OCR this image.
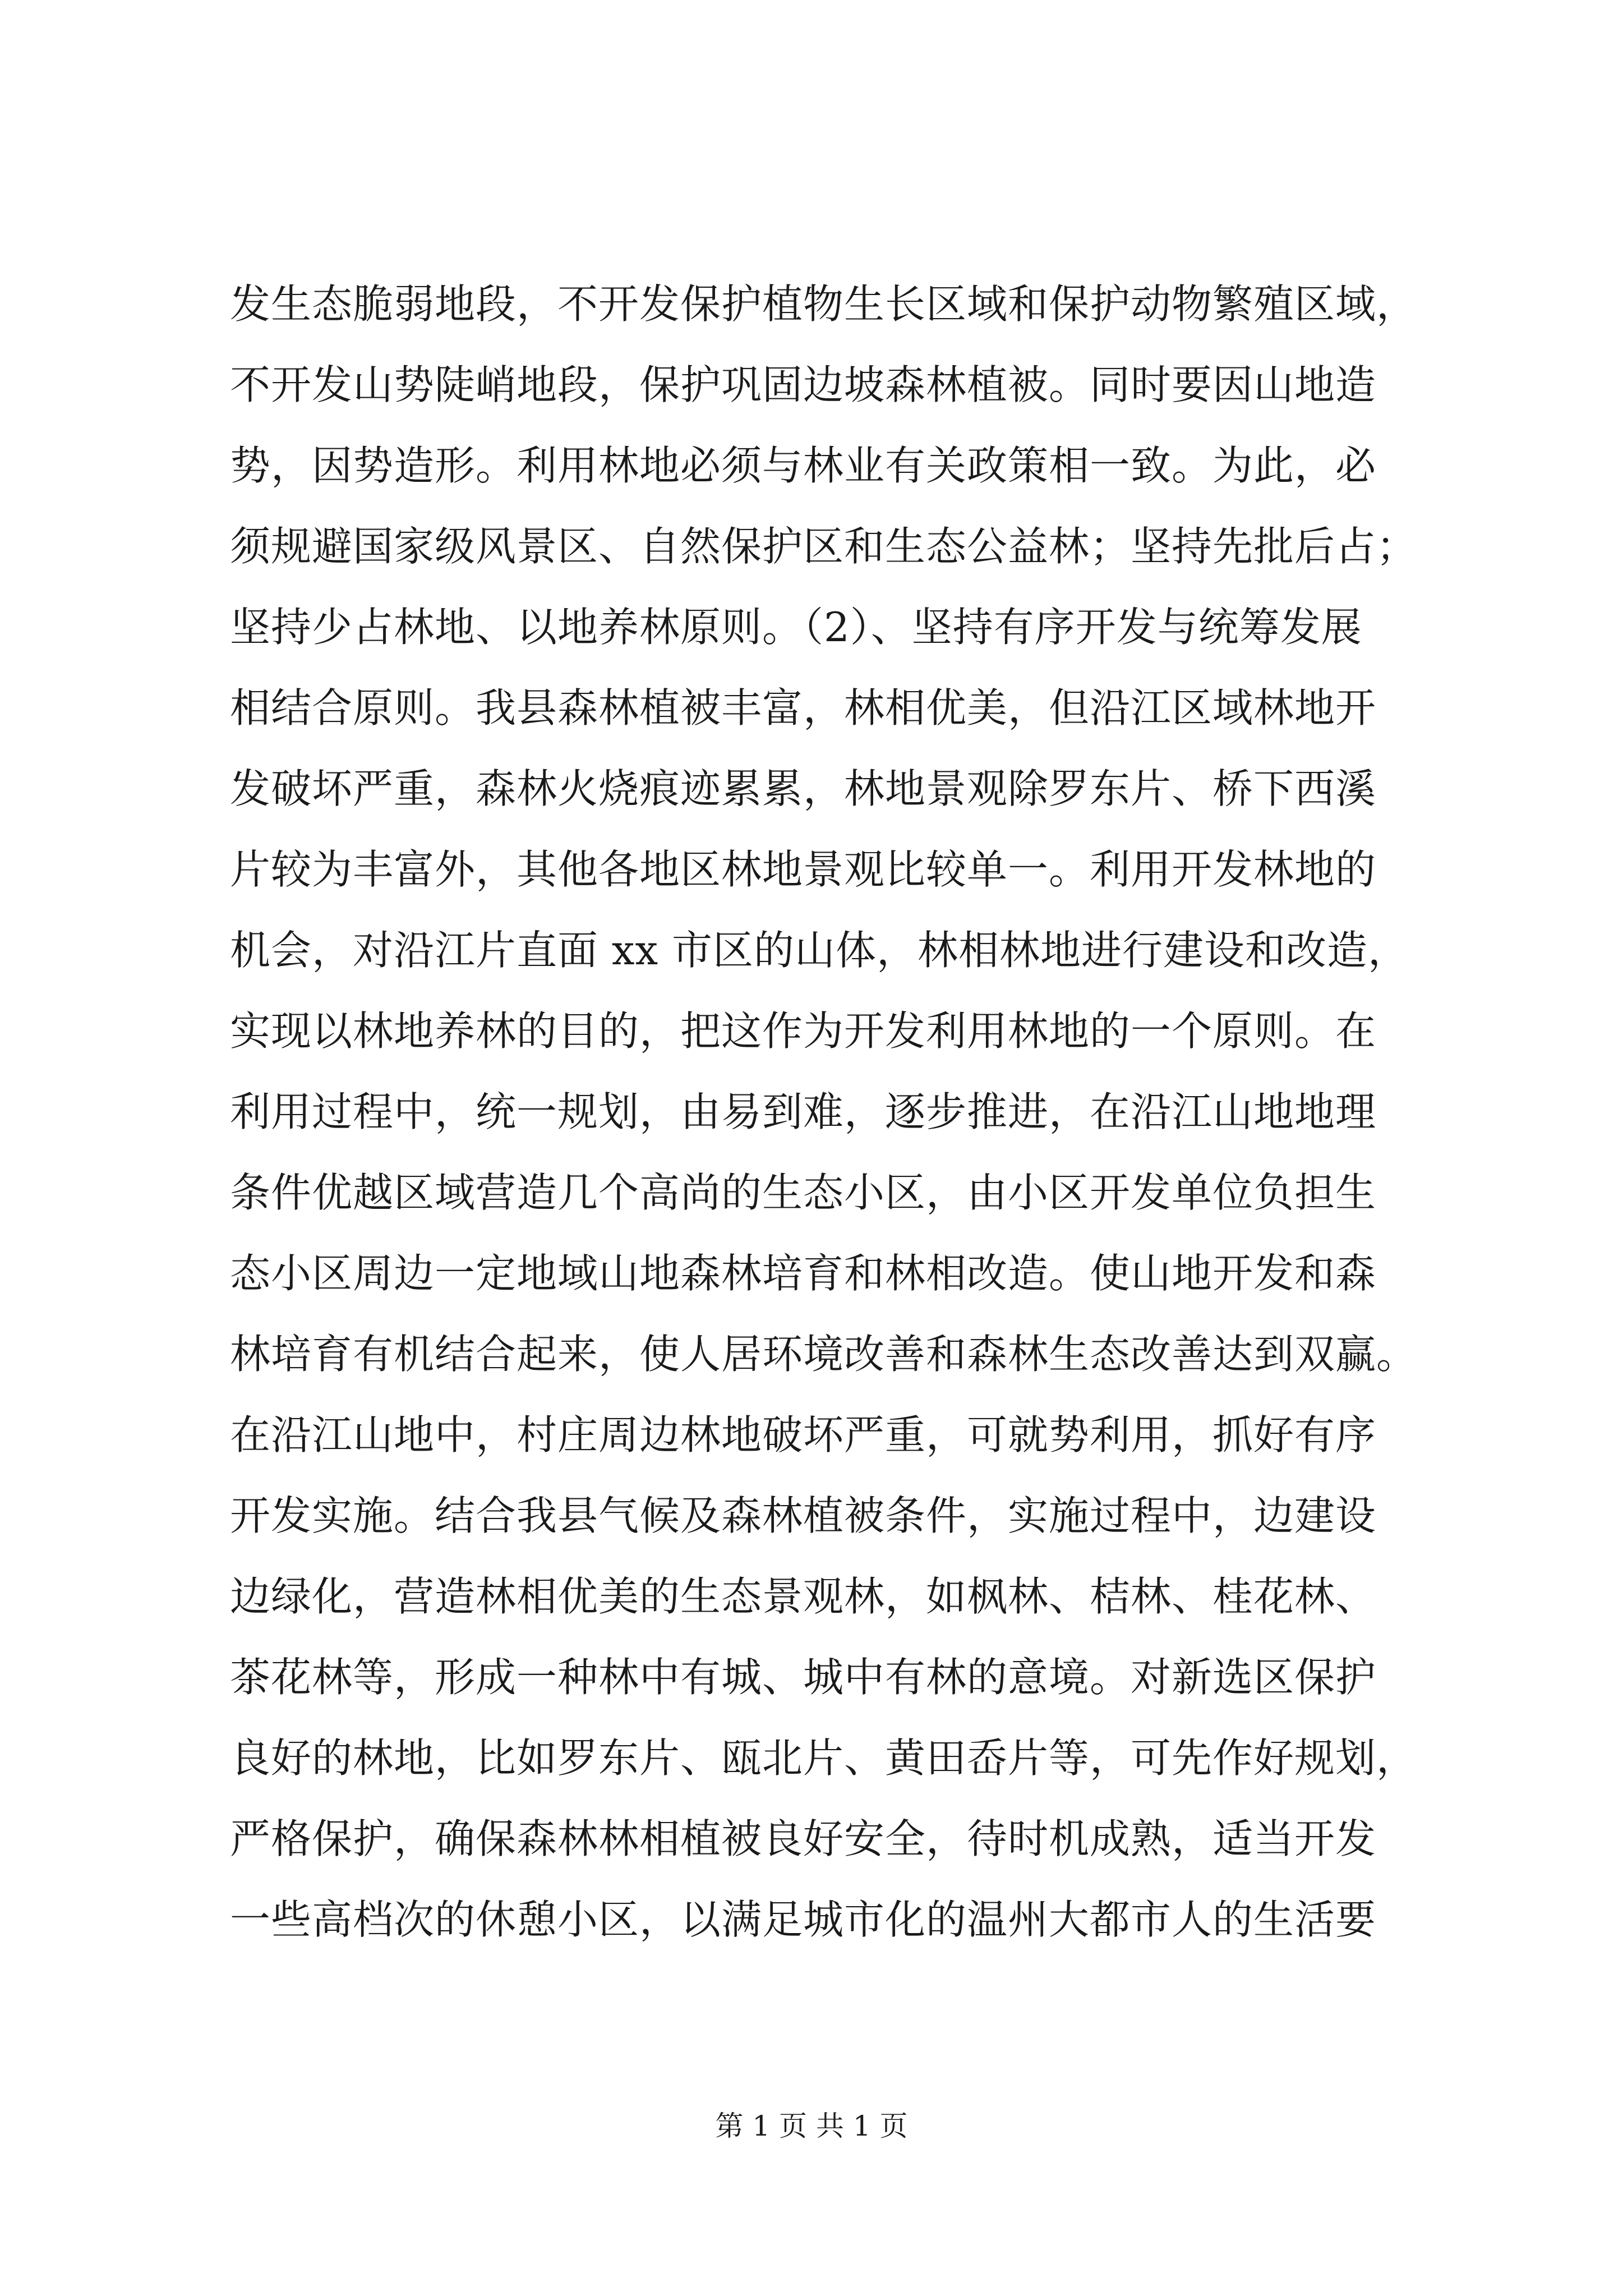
发生态脆弱地段，不开发保护植物生长区域和保护动物繁殖区域，
不开发山势陡峭地段，保护巩固边坡森林植被。同时要因山地造
势，因势造形。利用林地必须与林业有关政策相一致。为此，必
须规避国家级风景区、自然保护区和生态公益林；坚持先批后占；
坚持少占林地、以地养林原则。（2）、坚持有序开发与统筹发展
相结合原则。我县森林植被丰富，林相优美，但沿江区域林地开
发破坏严重，森林火烧痕迹累累，林地景观除罗东片、桥下西溪
片较为丰富外，其他各地区林地景观比较单一。利用开发林地的
机会，对沿江片直面 xx 市区的山体，林相林地进行建设和改造，
实现以林地养林的目的，把这作为开发利用林地的一个原则。在
利用过程中，统一规划，由易到难，逐步推进，在沿江山地地理
条件优越区域营造几个高尚的生态小区，由小区开发单位负担生
态小区周边一定地域山地森林培育和林相改造。使山地开发和森
林培育有机结合起来，使人居环境改善和森林生态改善达到双赢。
在沿江山地中，村庄周边林地破坏严重，可就势利用，抓好有序
开发实施。结合我县气候及森林植被条件，实施过程中，边建设
边绿化，营造林相优美的生态景观林，如枫林、桔林、桂花林、
茶花林等，形成一种林中有城、城中有林的意境。对新选区保护
良好的林地，比如罗东片、瓯北片、黄田岙片等，可先作好规划，
严格保护，确保森林林相植被良好安全，待时机成熟，适当开发
一些高档次的休憩小区，以满足城市化的温州大都市人的生活要
第 1 页 共 1 页
